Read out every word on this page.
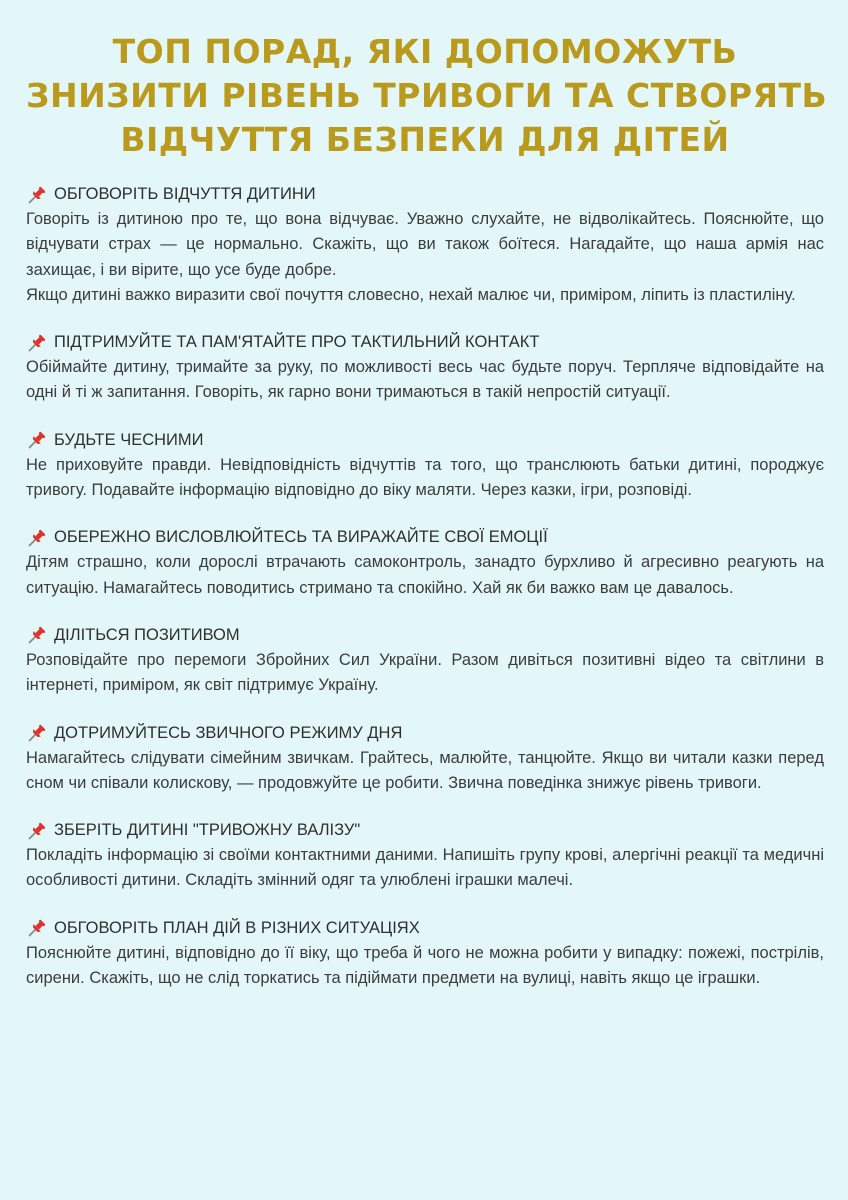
ТОП ПОРАД, ЯКІ ДОПОМОЖУТЬ
ЗНИЗИТИ РІВЕНЬ ТРИВОГИ ТА СТВОРЯТЬ
ВІДЧУТТЯ БЕЗПЕКИ ДЛЯ ДІТЕЙ
ОБГОВОРІТЬ ВІДЧУТТЯ ДИТИНИ

Говоріть із дитиною про те, що вона відчуває. Уважно слухайте, не відволікайтесь. Пояснюйте, що відчувати страх — це нормально. Скажіть, що ви також боїтеся. Нагадайте, що наша армія нас захищає, і ви вірите, що усе буде добре.

Якщо дитині важко виразити свої почуття словесно, нехай малює чи, приміром, ліпить із пластиліну.

ПІДТРИМУЙТЕ ТА ПАМ'ЯТАЙТЕ ПРО ТАКТИЛЬНИЙ КОНТАКТ

Обіймайте дитину, тримайте за руку, по можливості весь час будьте поруч. Терпляче відповідайте на одні й ті ж запитання. Говоріть, як гарно вони тримаються в такій непростій ситуації.

БУДЬТЕ ЧЕСНИМИ

Не приховуйте правди. Невідповідність відчуттів та того, що транслюють батьки дитині, породжує тривогу. Подавайте інформацію відповідно до віку маляти. Через казки, ігри, розповіді.

ОБЕРЕЖНО ВИСЛОВЛЮЙТЕСЬ ТА ВИРАЖАЙТЕ СВОЇ ЕМОЦІЇ

Дітям страшно, коли дорослі втрачають самоконтроль, занадто бурхливо й агресивно реагують на ситуацію. Намагайтесь поводитись стримано та спокійно. Хай як би важко вам це давалось.

ДІЛІТЬСЯ ПОЗИТИВОМ

Розповідайте про перемоги Збройних Сил України. Разом дивіться позитивні відео та світлини в інтернеті, приміром, як світ підтримує Україну.

ДОТРИМУЙТЕСЬ ЗВИЧНОГО РЕЖИМУ ДНЯ

Намагайтесь слідувати сімейним звичкам. Грайтесь, малюйте, танцюйте. Якщо ви читали казки перед сном чи співали колискову, — продовжуйте це робити. Звична поведінка знижує рівень тривоги.

ЗБЕРІТЬ ДИТИНІ "ТРИВОЖНУ ВАЛІЗУ"

Покладіть інформацію зі своїми контактними даними. Напишіть групу крові, алергічні реакції та медичні особливості дитини. Складіть змінний одяг та улюблені іграшки малечі.

ОБГОВОРІТЬ ПЛАН ДІЙ В РІЗНИХ СИТУАЦІЯХ

Пояснюйте дитині, відповідно до її віку, що треба й чого не можна робити у випадку: пожежі, пострілів, сирени. Скажіть, що не слід торкатись та підіймати предмети на вулиці, навіть якщо це іграшки.
